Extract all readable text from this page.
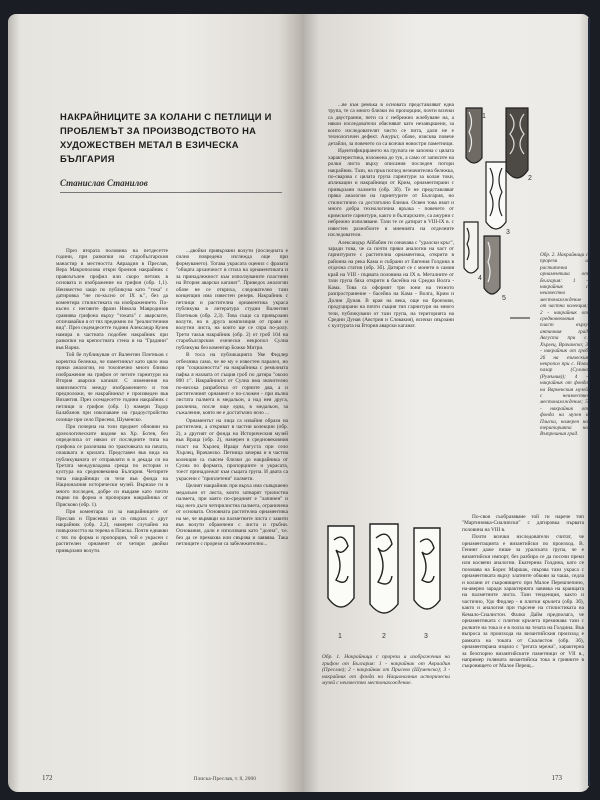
НАКРАЙНИЦИТЕ ЗА КОЛАНИ С ПЕТЛИЦИ И ПРОБЛЕМЪТ ЗА ПРОИЗВОДСТВОТО НА ХУДОЖЕСТВЕН МЕТАЛ В ЕЗИЧЕСКА БЪЛГАРИЯ
Станислав Станилов

През втората половина на петдесетте години, при разкопки на старобългарския манастир в местността Авраадия в Преслав, Вера Макрополова откри бронзов накрайник с правоъгълен профил или скоро петлик в основата и изображение на грифон (обр. 1,1). Неизвестно защо по публикува като "тока" с датировка "не по-късно от IX в.", без да коментира стилистиката на изображението. По-късно с неговите фрази Никола Мавродинов сравнява грифона върху "токата" с аварските, отличавайки я от тях предимно по "реалистичния вид". През седемдесетте години Александр Кузев намира в частната подобен накрайник при разкопки на крепостната стена и на "Градини" във Варна.

Той бе публикуван от Валентин Плетньов с коректна бележка, че паметникът като цяло има прики аналогии, но тоsomeчно много близко изображение на грифон от петите гарнитури на Втория аварски каганат. С изменения на зависимостта между изображението и тоя предположи, че накрайникът е произведен във Византия. През осемдесетте години накрайник с петлици и грифон (обр. 1) намери Тодор Балабанов при изкопаване на градоустройство селище при село Присево, Шуменско.

При почерна на този предмет обновни на археологическите видове на Хр. Ботев, без определиха от някои от последните типа на грифона се различава по трактовката на пачата, опашката и крилата. Представен във вида на публикуваната от отправляти в в декада си на Третата междувладова среща по история и култура на средновековна България. Четирите типа накрайници ся тези във фонда на Националния исторически музей. Върнахе ги в много последен, добре си въвдаве като почти първи по форма и пропорции накрайника от Присково (обр. 1).

При коментара си за накрайниците от Преслав и Присевна аз си свързах с друг накрайник (обр. 2,2), намерен случайно на повърхността на терена в Плиска. Почти еднакви с тях по форма и пропорции, той е украсен с растителен орнамент от четири двойки привързани волути.

...двойки привързани волути (последната е силно повредена изглежда още при формуването). Тогава украсата оценил с фразата "общата архаичност в стила на орнаментиката и за принадлежност към използуваните пластини на Втория аварски каганат". Приведох аналогии обаче не се откриха, следователно тази концепция има известен резерв. Накрайник с петлици и растителна орнаментика украса публикува в литература студии Валентин Плетньов (обр. 2,3). Това също са привързани волути, но в друга композиция от прави и волутни листа, на които ще се спра по-долу. Трети такъв накрайник (обр. 2) от гроб 104 на старобългарския езически некропол Сулна публикува без коментар Божко Митри.

В тоса на публикацията Уве Фидлер отбелязва само, че не му е известен паралел, но при "социалността" на накрайника с ремъчната пафка я нахвата от същия гроб по датира "около 800 г.". Накрайникът от Сулна има значително по-висока разработка от горните два, а и растителният орнамент е по-сложен - при вълна листата палмета в медальон, а над нея друга, различна, после още една, в медальон, за съжаление, която не е достатъчно ясно ...

Орнаментът на лица са извайни образи на растителни, а откриват в частни колекции (обр. 2), а другият от фонда на Историческия музей във Враца (обр. 2), намерен в средновековния пласт на Хърлец Ираци Августа при село Хърлец, Врачанско. Петница зачерва и в частна колекция са съвсем близки до накрайника от Сулна по формата, пропорциите и украсата, тоест принадлежат към същата група. И двата са украсени с "приплетени" палмети.

Целият накрайник при върха има съвършено медальон от листа, които затварят трилистна палмета, при която по-средният е "лапинен" и над него дъги четирилистна палмета, ограничена от основата. Основната растителна орнаментика на ме, че вървящи на палметните листа с завити във волути обрамчени с листа и гръбни. Основания, дали е използвана като "долна", т.е. без да се премахва или свързва и заявява. Така петлиците с прорези са забележително...

172	Плиска-Преслав, т. 8, 2000

...ве към ремъка в основата представляват една трупа, те са много близки по пропорции, почти всички са двустранни, пети са с небрежно жлебуване на, а някои изследователи обясняват като незавършени, за които изследователят чисто се пита, дали не е технологичен дефект. Ажурът, обаче, изисква повече детайли, за повечето си са всички новостри паметници.

Идентифицирането на групата не започна с цялата характеристика, изложена до тук, а само от записите на ролки листа върху описания последен потори накрайник. Тази, на пръв поглед незначителна бележка, по-сварзва с цялата група гарнитури за колан токи, апликации и накрайници от Крим, орнаментирани с привързани палмети (обр. 3б). Те не представляват пряка аналогия на гарнитурите от България, но стилистично са достатъчно близки. Освен това имат и много добра технологична връзка - повечето от кримските гарнитури, както и българските, са ажурни с небрежно изпиляване. Тази те се датират в VIII-IX в. с известен разнобоите в мненията на отделните изследователи.

Александър Айбабин ги означава с "уралски кръг", заради това, че са почти пряки аналогии на част от гарнитурите с растителна орнаментика, открити в районна на река Кама и събрани от Евгения Голдина в отделна статия (обр. 3б). Датират се с монети в самия край на VIII - първата половина на IX в. Металните от тази група бяха открити в басейна на Средна Волга - Кама. Това са оформят три зони на техното разпространение - басейна на Кама - Волга, Крим и Долни Дунав. В края на века, още на бронзови, продуцирани на почти същия тип гарнитури на много тези, публикувани от тази група, на територията на Средни Дунав (Австрия и Словакия), всички свързани с културата на Втория аварски каганат.

1
2
3
4
5
Обр. 2. Накрайници с прорези и растителна орнаментика от България: 1 - накрайник с неизвестно местонахождение от частна колекция; 2 - накрайник от средновековния пласт върху античния град Августа при с. Хърлец, Врачанско; 3 - накрайник от гроб 26 на езическия некропол при с. Нови пазар (Сулина (Румъния)); 4 - накрайник от фонда на Варненския музей с неизвестно местонахождение; 5 - накрайник от фонда на музея в Плиска, намерен на територията на Вътрешния град.
1	2	3
Обр. 1. Накрайници с прорези и изображения на грифон от България: 1 - накрайник от Авраадия (Преслав); 2 - накрайник от Присево (Шуменско); 3 - накрайник от фонда на Националния исторически музей с неизвестно местонахождение.

По-своя съобразяване той ги нарече тип "Мартиновка-Сиалипски" с датировка първата половина на VIII в.

Почти всички изследователи считат, че орнаментацията е византийски по произход. В. Генинг даже пише за уралската група, че е византийски импорт, без разбира се да посочи преки или косвени аналогии. Екатерина Голдина, като се позовава на Борис Маршак, свързва тази украса с орнаментиката върху златните обкови за чаша, седла и колани от съкровището при Малое Перешчепино, на-аверно заради характерната завивка на краищата на палметните листа. Тази тенденция, както и частично, Удо Фидлер - в плитки кръчета (обр. 3б), както и аналогии при търсене на стилистиката на Кемало-Сиалистон. Фалко Дайм предполага, че орнаментиката с плитни кръчета преминава тази с ролките на тока и е в полза на тезата на Голдина. Във въпроса за произхода на византийския произход е рамката на токата от Сиалистон (обр. 3б), орнаментирана изцяло с "регата мрежа", характерна за безспорно византийските паметници от VII в., например голямата византийска тока и гривните в съкровището от Малое Перещ...

173
